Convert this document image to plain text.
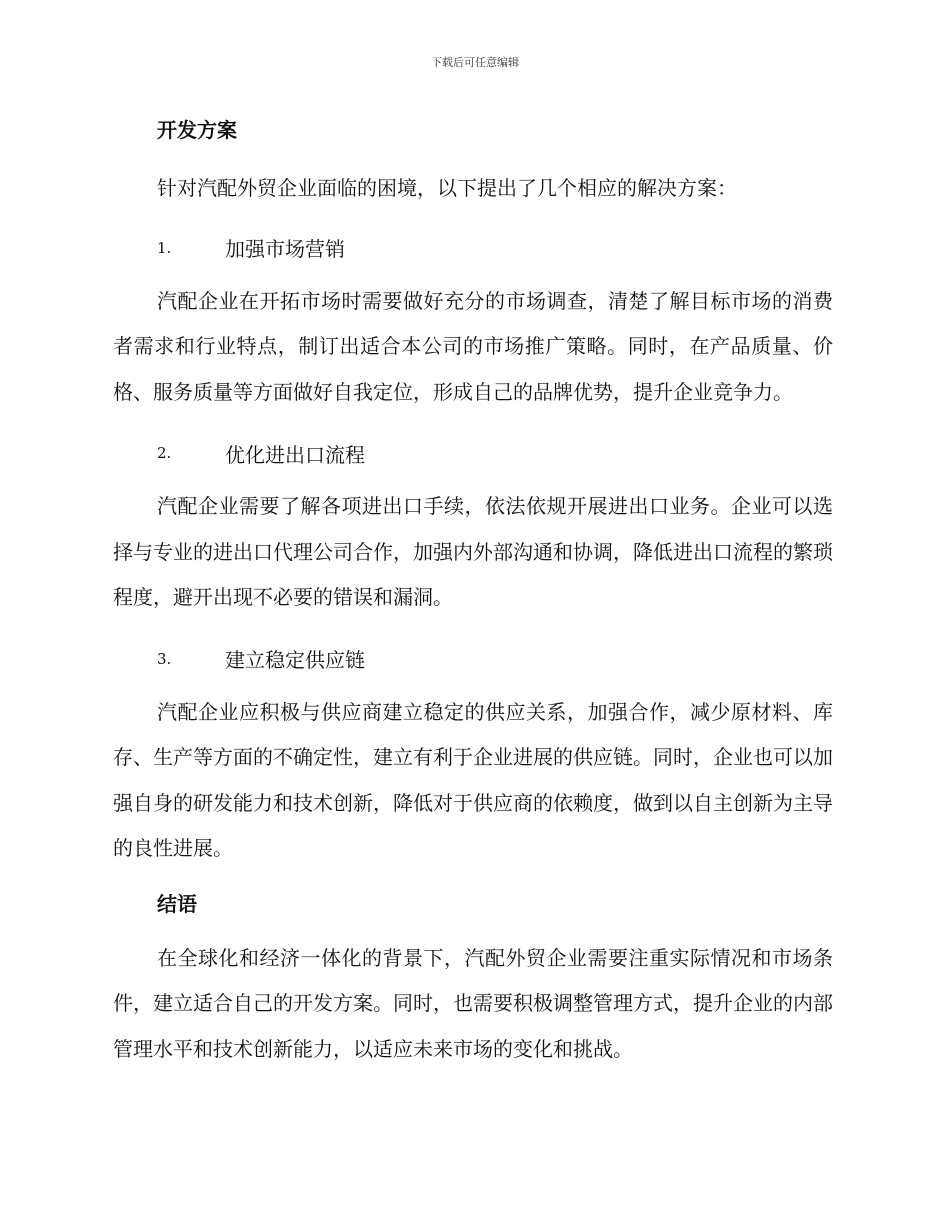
下载后可任意编辑
开发方案

针对汽配外贸企业面临的困境，以下提出了几个相应的解决方案：

1.	加强市场营销

汽配企业在开拓市场时需要做好充分的市场调查，清楚了解目标市场的消费者需求和行业特点，制订出适合本公司的市场推广策略。同时，在产品质量、价格、服务质量等方面做好自我定位，形成自己的品牌优势，提升企业竞争力。

2.	优化进出口流程

汽配企业需要了解各项进出口手续，依法依规开展进出口业务。企业可以选择与专业的进出口代理公司合作，加强内外部沟通和协调，降低进出口流程的繁琐程度，避开出现不必要的错误和漏洞。

3.	建立稳定供应链

汽配企业应积极与供应商建立稳定的供应关系，加强合作，减少原材料、库存、生产等方面的不确定性，建立有利于企业进展的供应链。同时，企业也可以加强自身的研发能力和技术创新，降低对于供应商的依赖度，做到以自主创新为主导的良性进展。

结语

在全球化和经济一体化的背景下，汽配外贸企业需要注重实际情况和市场条件，建立适合自己的开发方案。同时，也需要积极调整管理方式，提升企业的内部管理水平和技术创新能力，以适应未来市场的变化和挑战。
